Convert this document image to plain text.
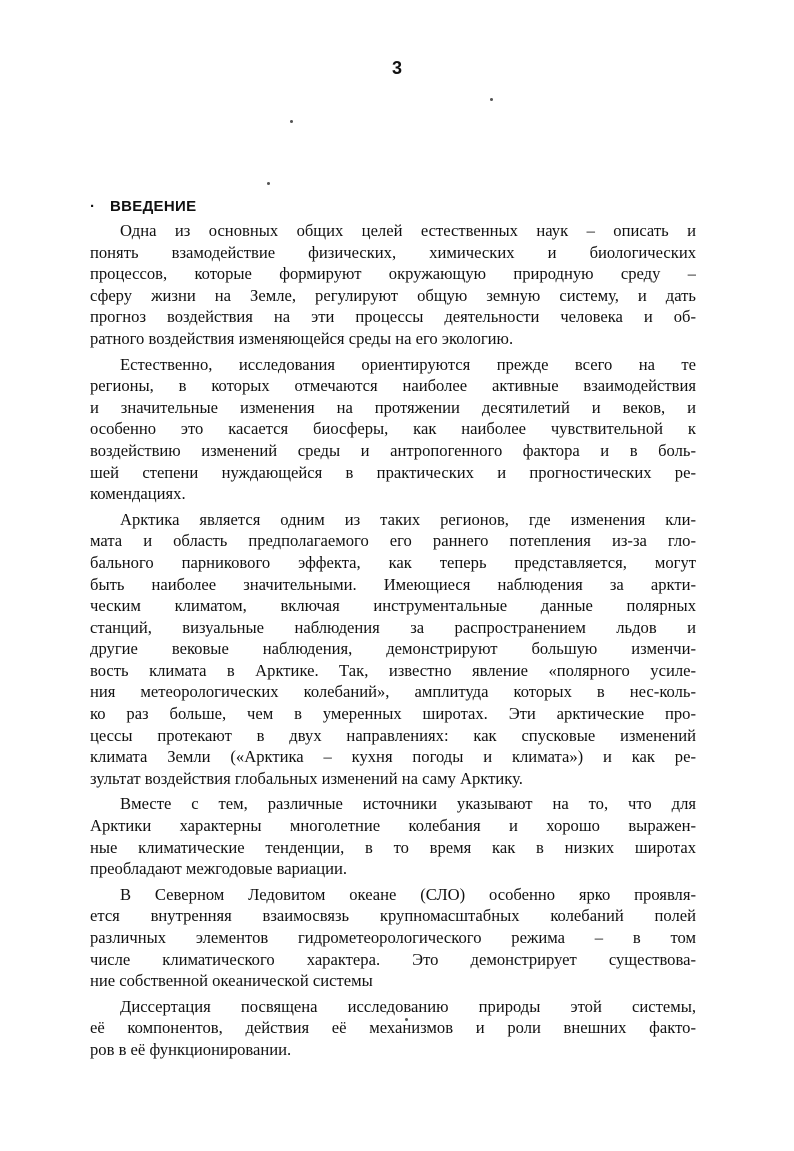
3
· ВВЕДЕНИЕ
Одна из основных общих целей естественных наук – описать и
понять взамодействие физических, химических и биологических
процессов, которые формируют окружающую природную среду –
сферу жизни на Земле, регулируют общую земную систему, и дать
прогноз воздействия на эти процессы деятельности человека и об-
ратного воздействия изменяющейся среды на его экологию.
Естественно, исследования ориентируются прежде всего на те
регионы, в которых отмечаются наиболее активные взаимодействия
и значительные изменения на протяжении десятилетий и веков, и
особенно это касается биосферы, как наиболее чувствительной к
воздействию изменений среды и антропогенного фактора и в боль-
шей степени нуждающейся в практических и прогностических ре-
комендациях.
Арктика является одним из таких регионов, где изменения кли-
мата и область предполагаемого его раннего потепления из-за гло-
бального парникового эффекта, как теперь представляется, могут
быть наиболее значительными. Имеющиеся наблюдения за аркти-
ческим климатом, включая инструментальные данные полярных
станций, визуальные наблюдения за распространением льдов и
другие вековые наблюдения, демонстрируют большую изменчи-
вость климата в Арктике. Так, известно явление «полярного усиле-
ния метеорологических колебаний», амплитуда которых в нес-коль-
ко раз больше, чем в умеренных широтах. Эти арктические про-
цессы протекают в двух направлениях: как спусковые изменений
климата Земли («Арктика – кухня погоды и климата») и как ре-
зультат воздействия глобальных изменений на саму Арктику.
Вместе с тем, различные источники указывают на то, что для
Арктики характерны многолетние колебания и хорошо выражен-
ные климатические тенденции, в то время как в низких широтах
преобладают межгодовые вариации.
В Северном Ледовитом океане (СЛО) особенно ярко проявля-
ется внутренняя взаимосвязь крупномасштабных колебаний полей
различных элементов гидрометеорологического режима – в том
числе климатического характера. Это демонстрирует существова-
ние собственной океанической системы
Диссертация посвящена исследованию природы этой системы,
её компонентов, действия её механизмов и роли внешних факто-
ров в её функционировании.
